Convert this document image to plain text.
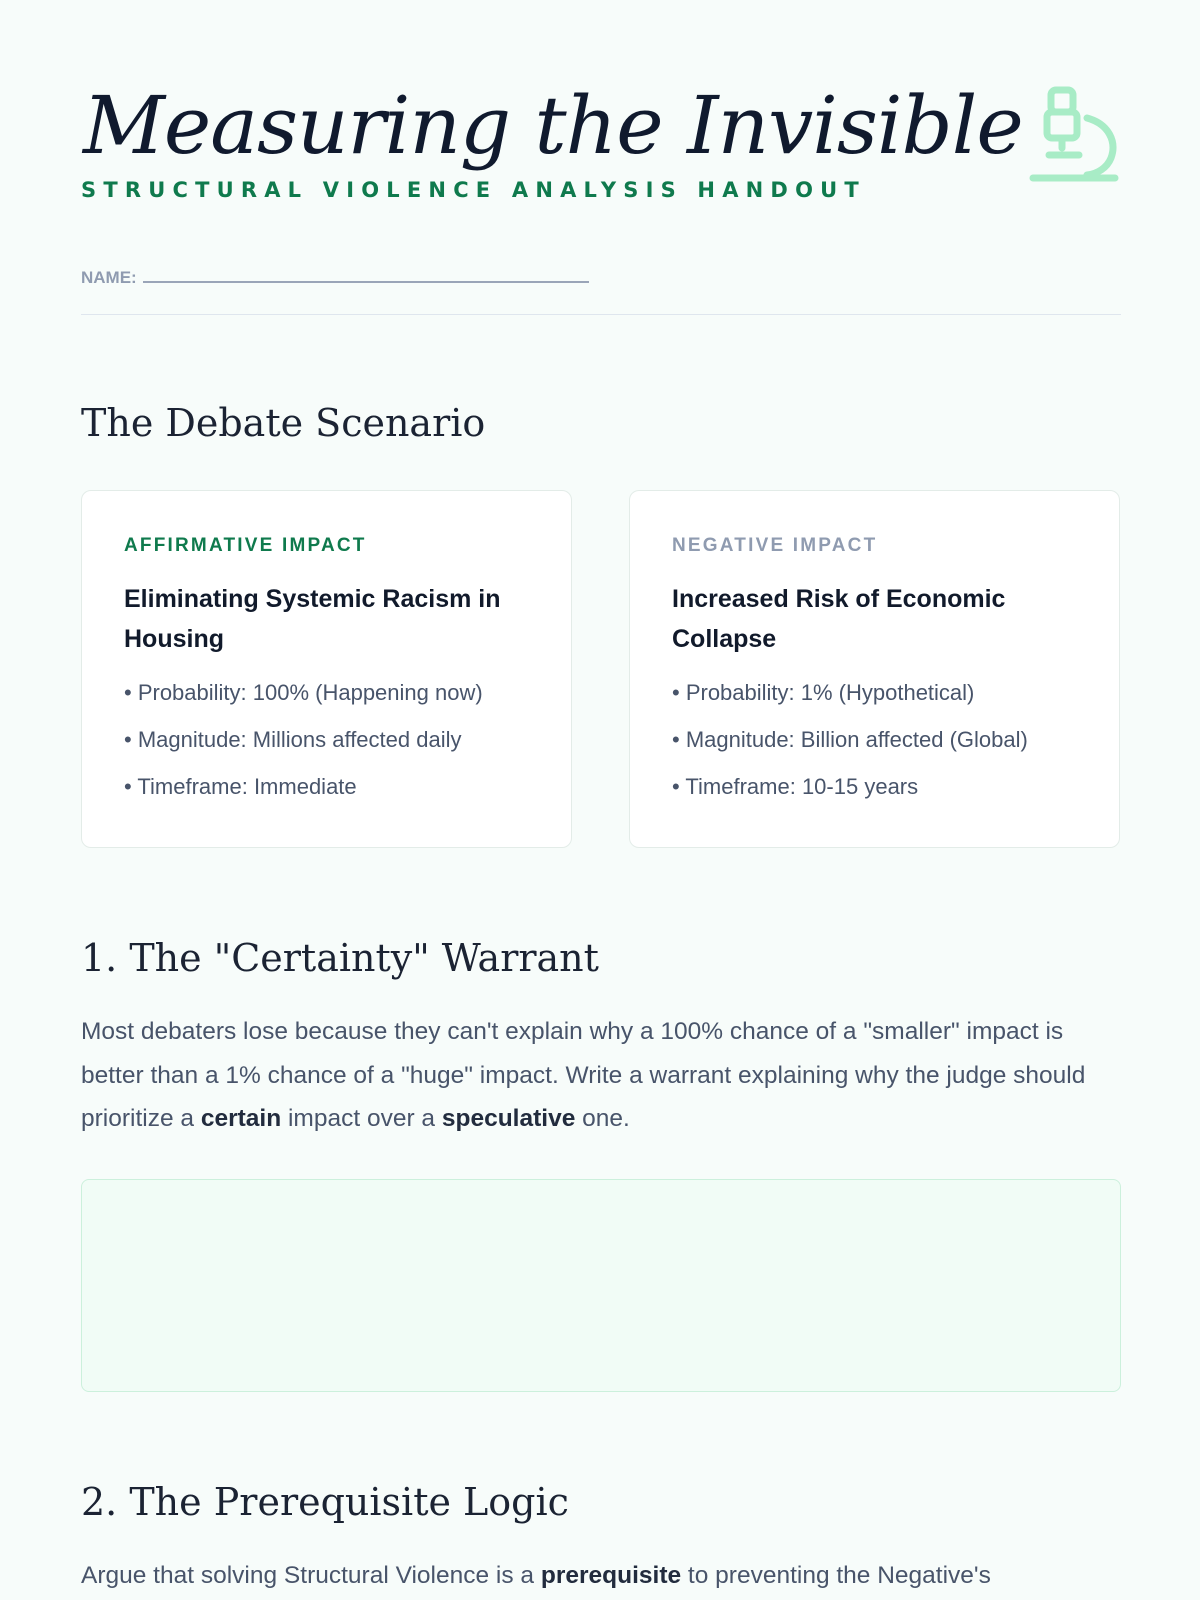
Measuring the Invisible
STRUCTURAL VIOLENCE ANALYSIS HANDOUT
NAME:
The Debate Scenario
AFFIRMATIVE IMPACT
Eliminating Systemic Racism in Housing
• Probability: 100% (Happening now)
• Magnitude: Millions affected daily
• Timeframe: Immediate
NEGATIVE IMPACT
Increased Risk of Economic Collapse
• Probability: 1% (Hypothetical)
• Magnitude: Billion affected (Global)
• Timeframe: 10-15 years
1. The "Certainty" Warrant
Most debaters lose because they can't explain why a 100% chance of a "smaller" impact is better than a 1% chance of a "huge" impact. Write a warrant explaining why the judge should prioritize a certain impact over a speculative one.
2. The Prerequisite Logic
Argue that solving Structural Violence is a prerequisite to preventing the Negative's
